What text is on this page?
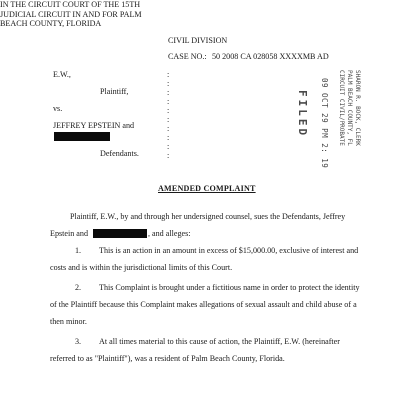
IN THE CIRCUIT COURT OF THE 15TH
JUDICIAL CIRCUIT IN AND FOR PALM
BEACH COUNTY, FLORIDA
CIVIL DIVISION
CASE NO.: 50 2008 CA 028058 XXXXMB AD
E.W.,
Plaintiff,
vs.
JEFFREY EPSTEIN and
Defendants.
:
:
:
:
:
:
:
:
:
:
FILED 09 OCT 29 PM 2: 19 CIRCUIT CIVIL/PROBATE PALM BEACH COUNTY, FL SHARON R. BOCK, CLERK
AMENDED COMPLAINT
Plaintiff, E.W., by and through her undersigned counsel, sues the Defendants, Jeffrey
Epstein and	, and alleges:
1. This is an action in an amount in excess of $15,000.00, exclusive of interest and
costs and is within the jurisdictional limits of this Court.
2. This Complaint is brought under a fictitious name in order to protect the identity
of the Plaintiff because this Complaint makes allegations of sexual assault and child abuse of a
then minor.
3. At all times material to this cause of action, the Plaintiff, E.W. (hereinafter
referred to as "Plaintiff"), was a resident of Palm Beach County, Florida.
